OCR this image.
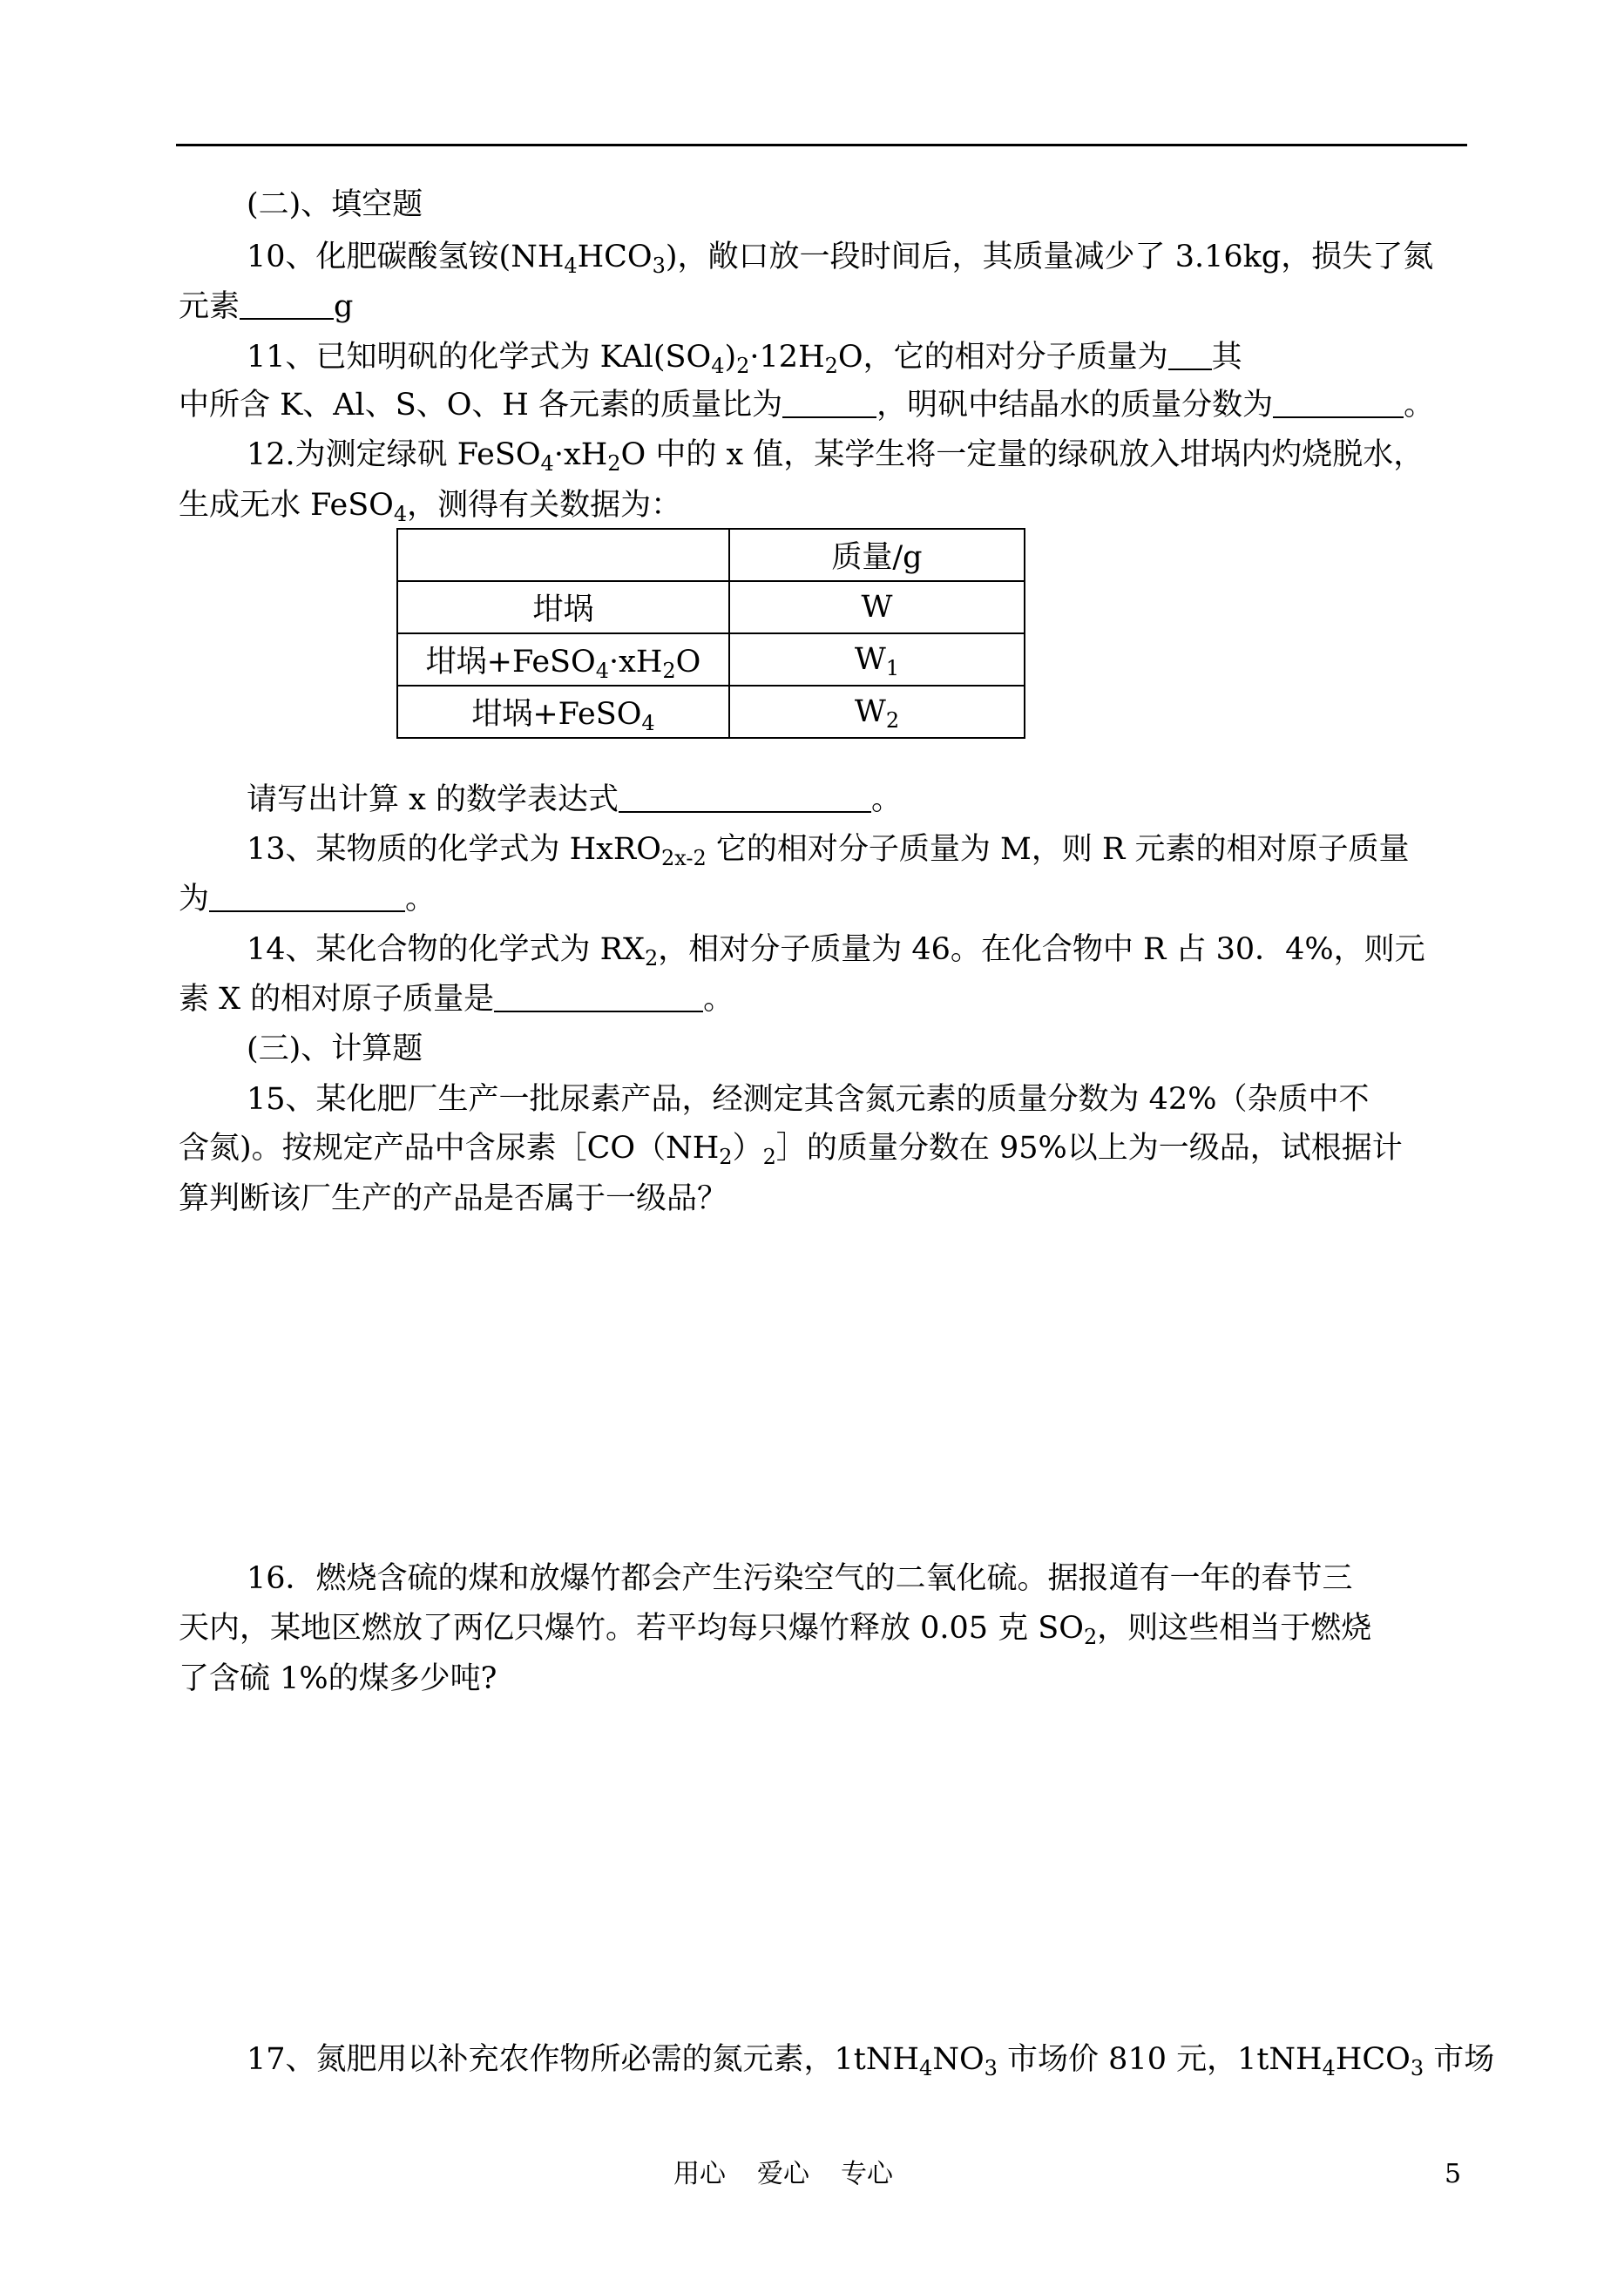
(二)、填空题
10、化肥碳酸氢铵$(NH_4HCO_3)$，敞口放一段时间后，其质量减少了 3.16kg，损失了氮
元素	g
11、已知明矾的化学式为 $KAl(SO_4)_2\cdot 12H_2O$，它的相对分子质量为 其
中所含 K、Al、S、O、H 各元素的质量比为	，明矾中结晶水的质量分数为	。
12.为测定绿矾 $FeSO_4\cdot xH_2O$ 中的 x 值，某学生将一定量的绿矾放入坩埚内灼烧脱水，
生成无水 FeSO$_4$，测得有关数据为：
	质量/g
坩埚	W
坩埚$+FeSO_4\cdot xH_2O$	$W_1$
坩埚+FeSO$_4$	$W_2$
请写出计算 x 的数学表达式	。
13、某物质的化学式为 HxRO$_{2x-2}$ 它的相对分子质量为 M，则 R 元素的相对原子质量
为	。
14、某化合物的化学式为 $RX_2$，相对分子质量为 46。在化合物中 R 占 30．4%，则元
素 X 的相对原子质量是	。
(三)、计算题
15、某化肥厂生产一批尿素产品，经测定其含氮元素的质量分数为 42%（杂质中不
含氮)。按规定产品中含尿素$[CO(NH_2)_2]$的质量分数在 95%以上为一级品，试根据计
算判断该厂生产的产品是否属于一级品？
16．燃烧含硫的煤和放爆竹都会产生污染空气的二氧化硫。据报道有一年的春节三
天内，某地区燃放了两亿只爆竹。若平均每只爆竹释放 0.05 克 $SO_2$，则这些相当于燃烧
了含硫 1%的煤多少吨?
17、氮肥用以补充农作物所必需的氮元素，$1tNH_4NO_3$ 市场价 810 元，$1tNH_4HCO_3$ 市场
用心 爱心 专心	5
